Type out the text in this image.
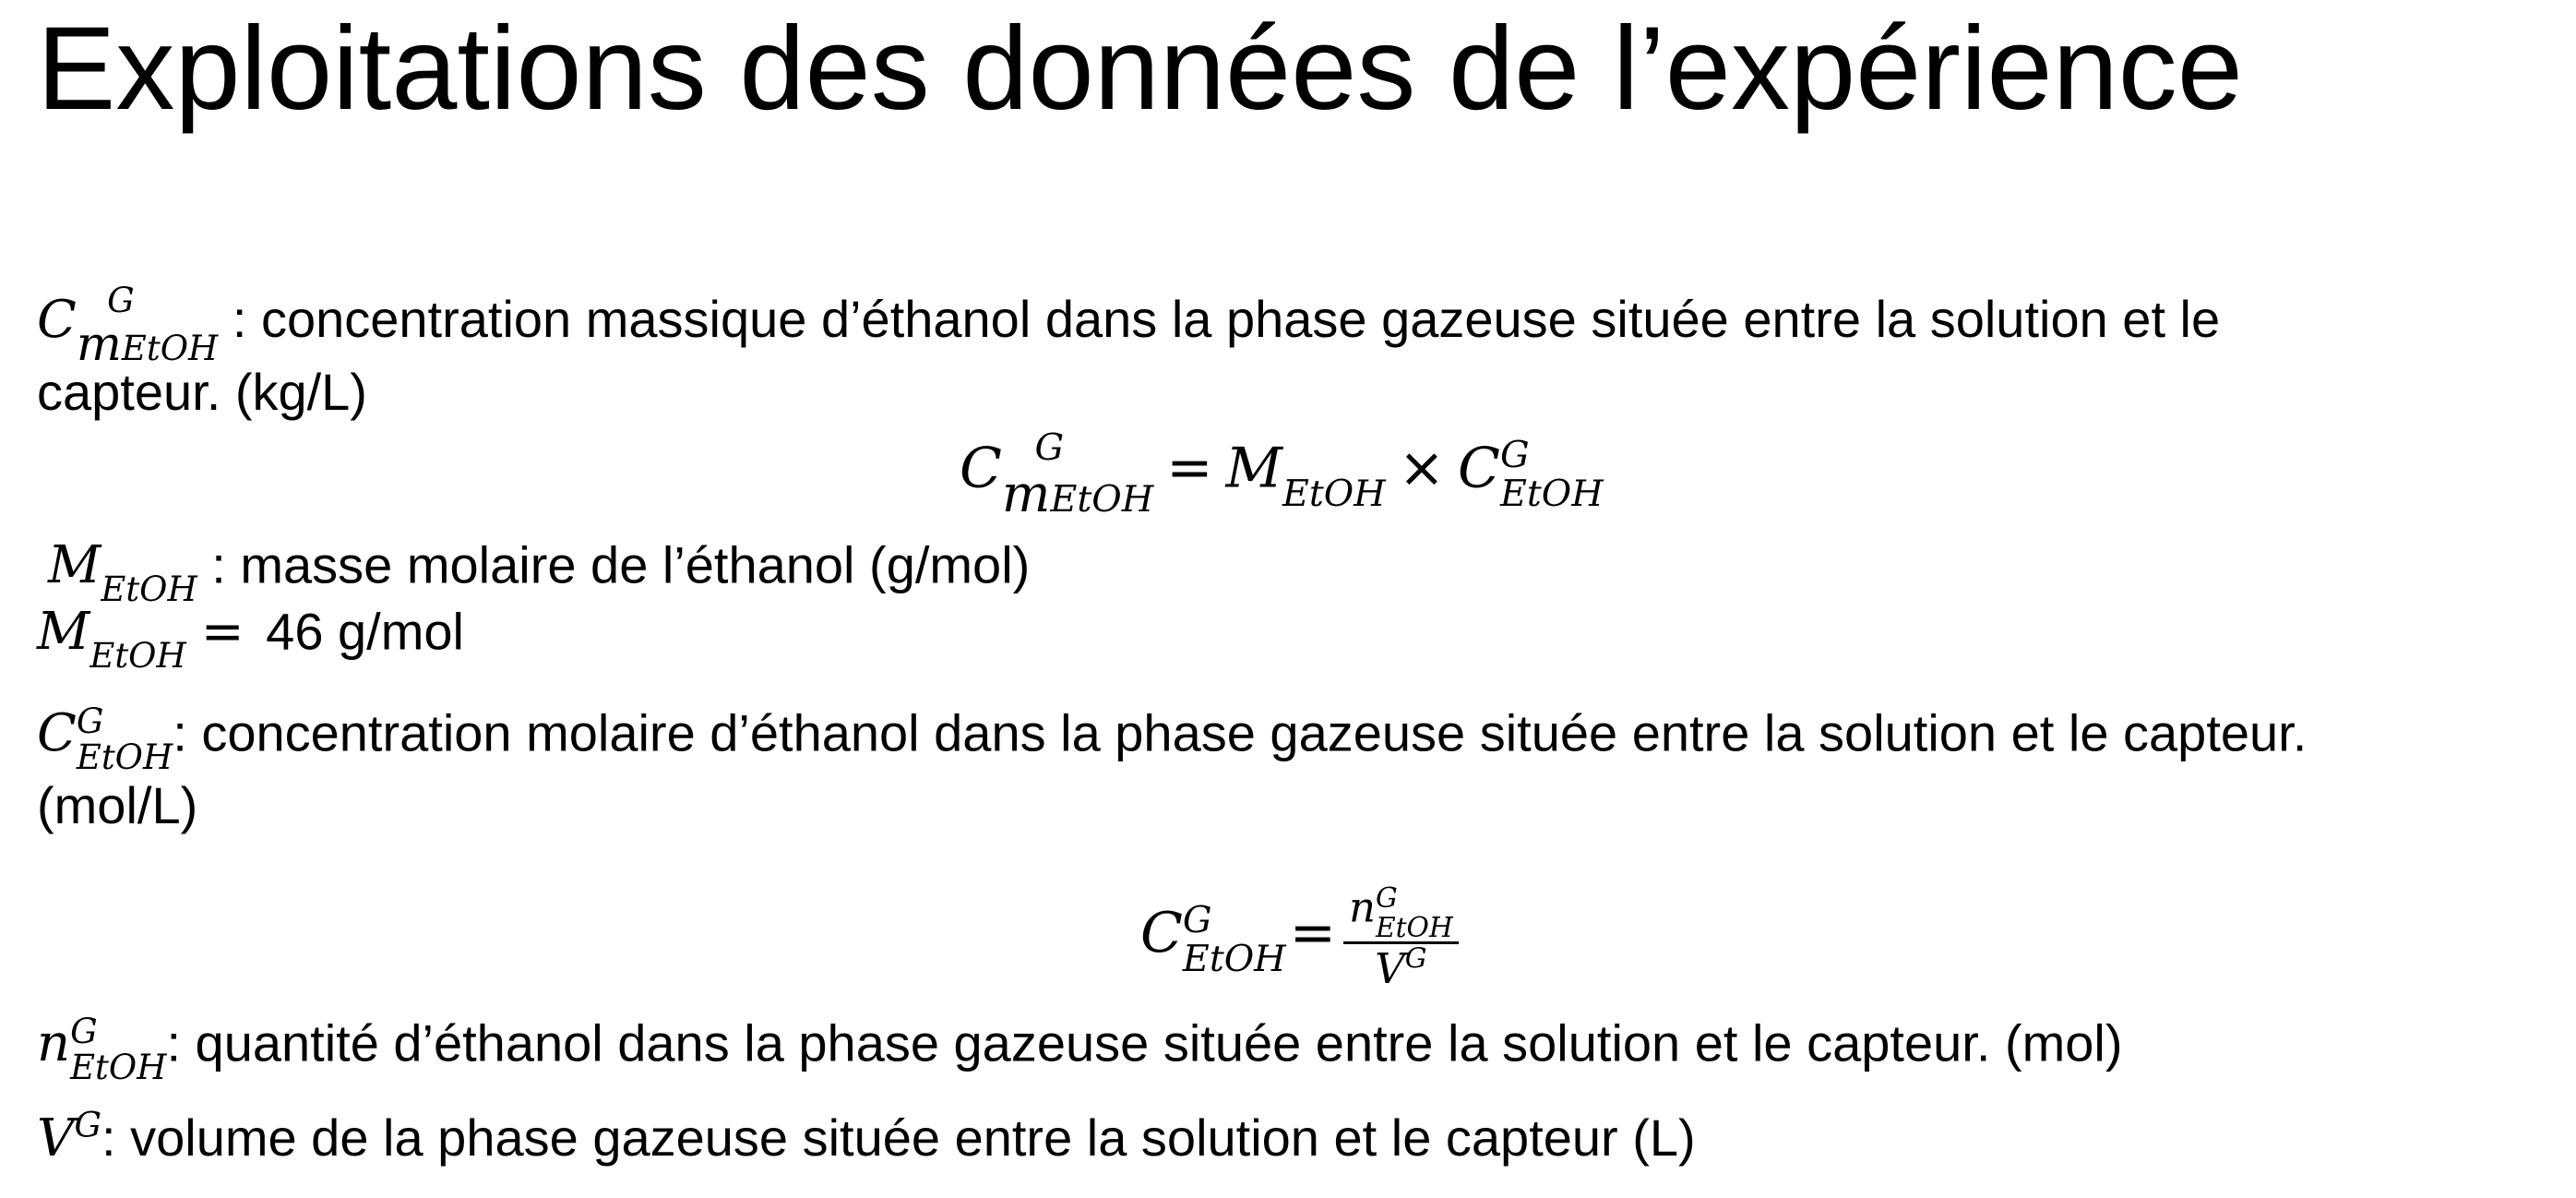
Exploitations des données de l’expérience
C G
mEtOH
: concentration massique d’éthanol dans la phase gazeuse située entre la solution et le
capteur. (kg/L)
C G
mEtOH = M
EtOH × C G
EtOH
M
EtOH : masse molaire de l’éthanol (g/mol)
M
EtOH = 46 g/mol
C G
EtOH : concentration molaire d’éthanol dans la phase gazeuse située entre la solution et le capteur.
(mol/L)
C G
EtOH = n G
EtOH
$V^G$
n G
EtOH : quantité d’éthanol dans la phase gazeuse située entre la solution et le capteur. (mol)
$V^G$: volume de la phase gazeuse située entre la solution et le capteur (L)
